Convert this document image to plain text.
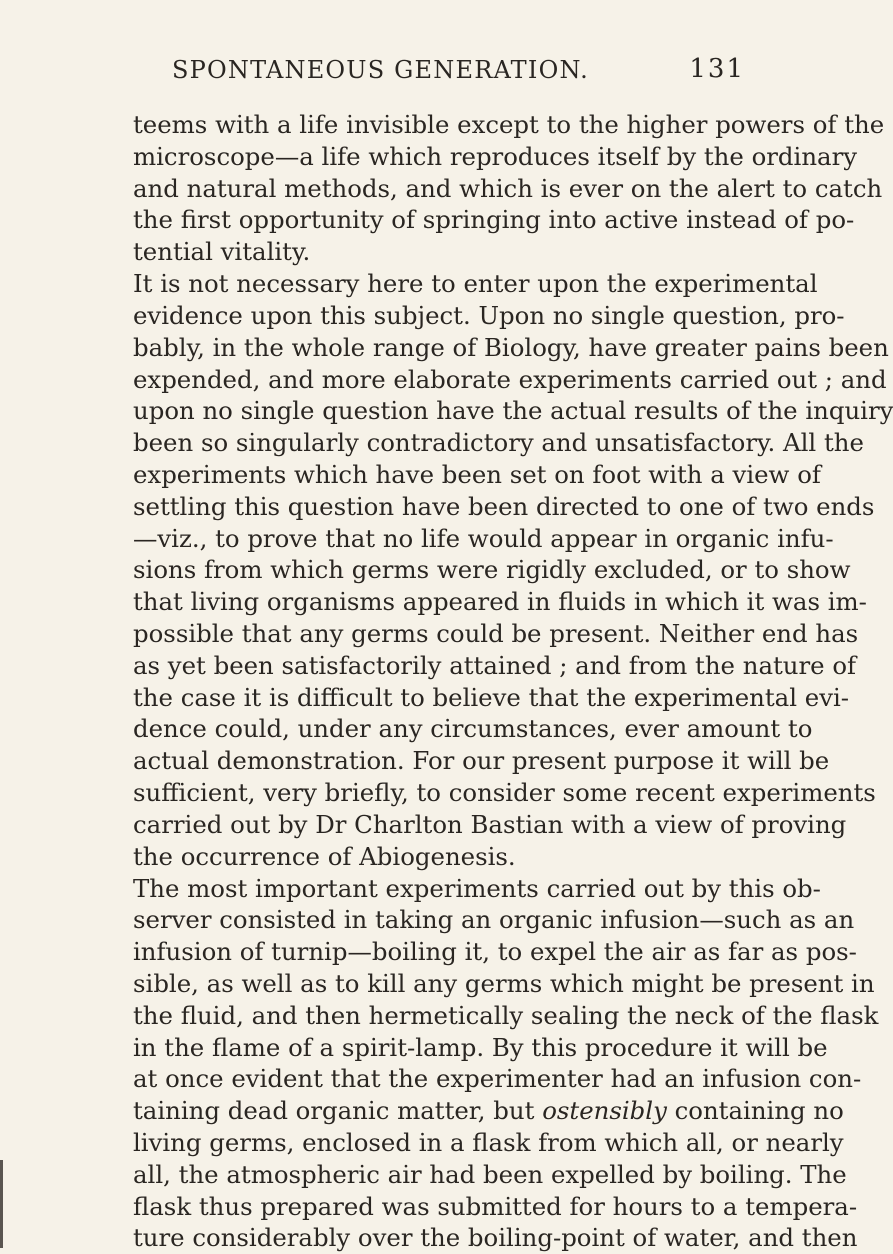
SPONTANEOUS GENERATION.	131
teems with a life invisible except to the higher powers of the
microscope—a life which reproduces itself by the ordinary
and natural methods, and which is ever on the alert to catch
the first opportunity of springing into active instead of po-
tential vitality.
It is not necessary here to enter upon the experimental
evidence upon this subject. Upon no single question, pro-
bably, in the whole range of Biology, have greater pains been
expended, and more elaborate experiments carried out ; and
upon no single question have the actual results of the inquiry
been so singularly contradictory and unsatisfactory. All the
experiments which have been set on foot with a view of
settling this question have been directed to one of two ends
—viz., to prove that no life would appear in organic infu-
sions from which germs were rigidly excluded, or to show
that living organisms appeared in fluids in which it was im-
possible that any germs could be present. Neither end has
as yet been satisfactorily attained ; and from the nature of
the case it is difficult to believe that the experimental evi-
dence could, under any circumstances, ever amount to
actual demonstration. For our present purpose it will be
sufficient, very briefly, to consider some recent experiments
carried out by Dr Charlton Bastian with a view of proving
the occurrence of Abiogenesis.
The most important experiments carried out by this ob-
server consisted in taking an organic infusion—such as an
infusion of turnip—boiling it, to expel the air as far as pos-
sible, as well as to kill any germs which might be present in
the fluid, and then hermetically sealing the neck of the flask
in the flame of a spirit-lamp. By this procedure it will be
at once evident that the experimenter had an infusion con-
taining dead organic matter, but ostensibly containing no
living germs, enclosed in a flask from which all, or nearly
all, the atmospheric air had been expelled by boiling. The
flask thus prepared was submitted for hours to a tempera-
ture considerably over the boiling-point of water, and then
